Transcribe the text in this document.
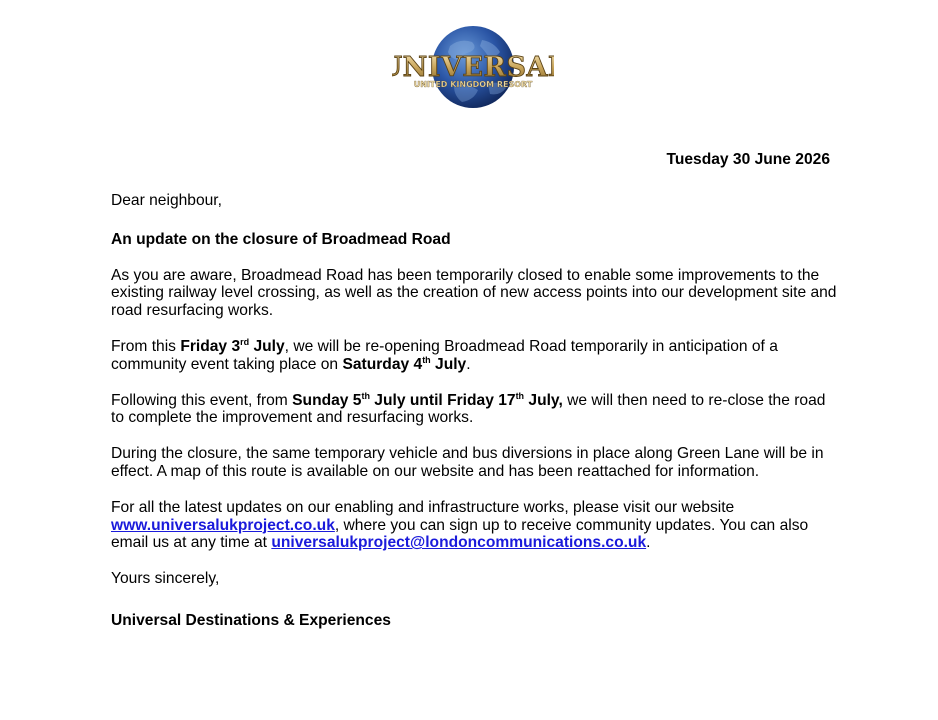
NIVERSA
UNITED KINGDOM RESORT
Tuesday 30 June 2026

Dear neighbour,

An update on the closure of Broadmead Road

As you are aware, Broadmead Road has been temporarily closed to enable some improvements to the existing railway level crossing, as well as the creation of new access points into our development site and road resurfacing works.

From this Friday 3rd July, we will be re-opening Broadmead Road temporarily in anticipation of a community event taking place on Saturday 4th July.

Following this event, from Sunday 5th July until Friday 17th July, we will then need to re-close the road to complete the improvement and resurfacing works.

During the closure, the same temporary vehicle and bus diversions in place along Green Lane will be in effect. A map of this route is available on our website and has been reattached for information.

For all the latest updates on our enabling and infrastructure works, please visit our website www.universalukproject.co.uk, where you can sign up to receive community updates. You can also email us at any time at universalukproject@londoncommunications.co.uk.

Yours sincerely,

Universal Destinations & Experiences
